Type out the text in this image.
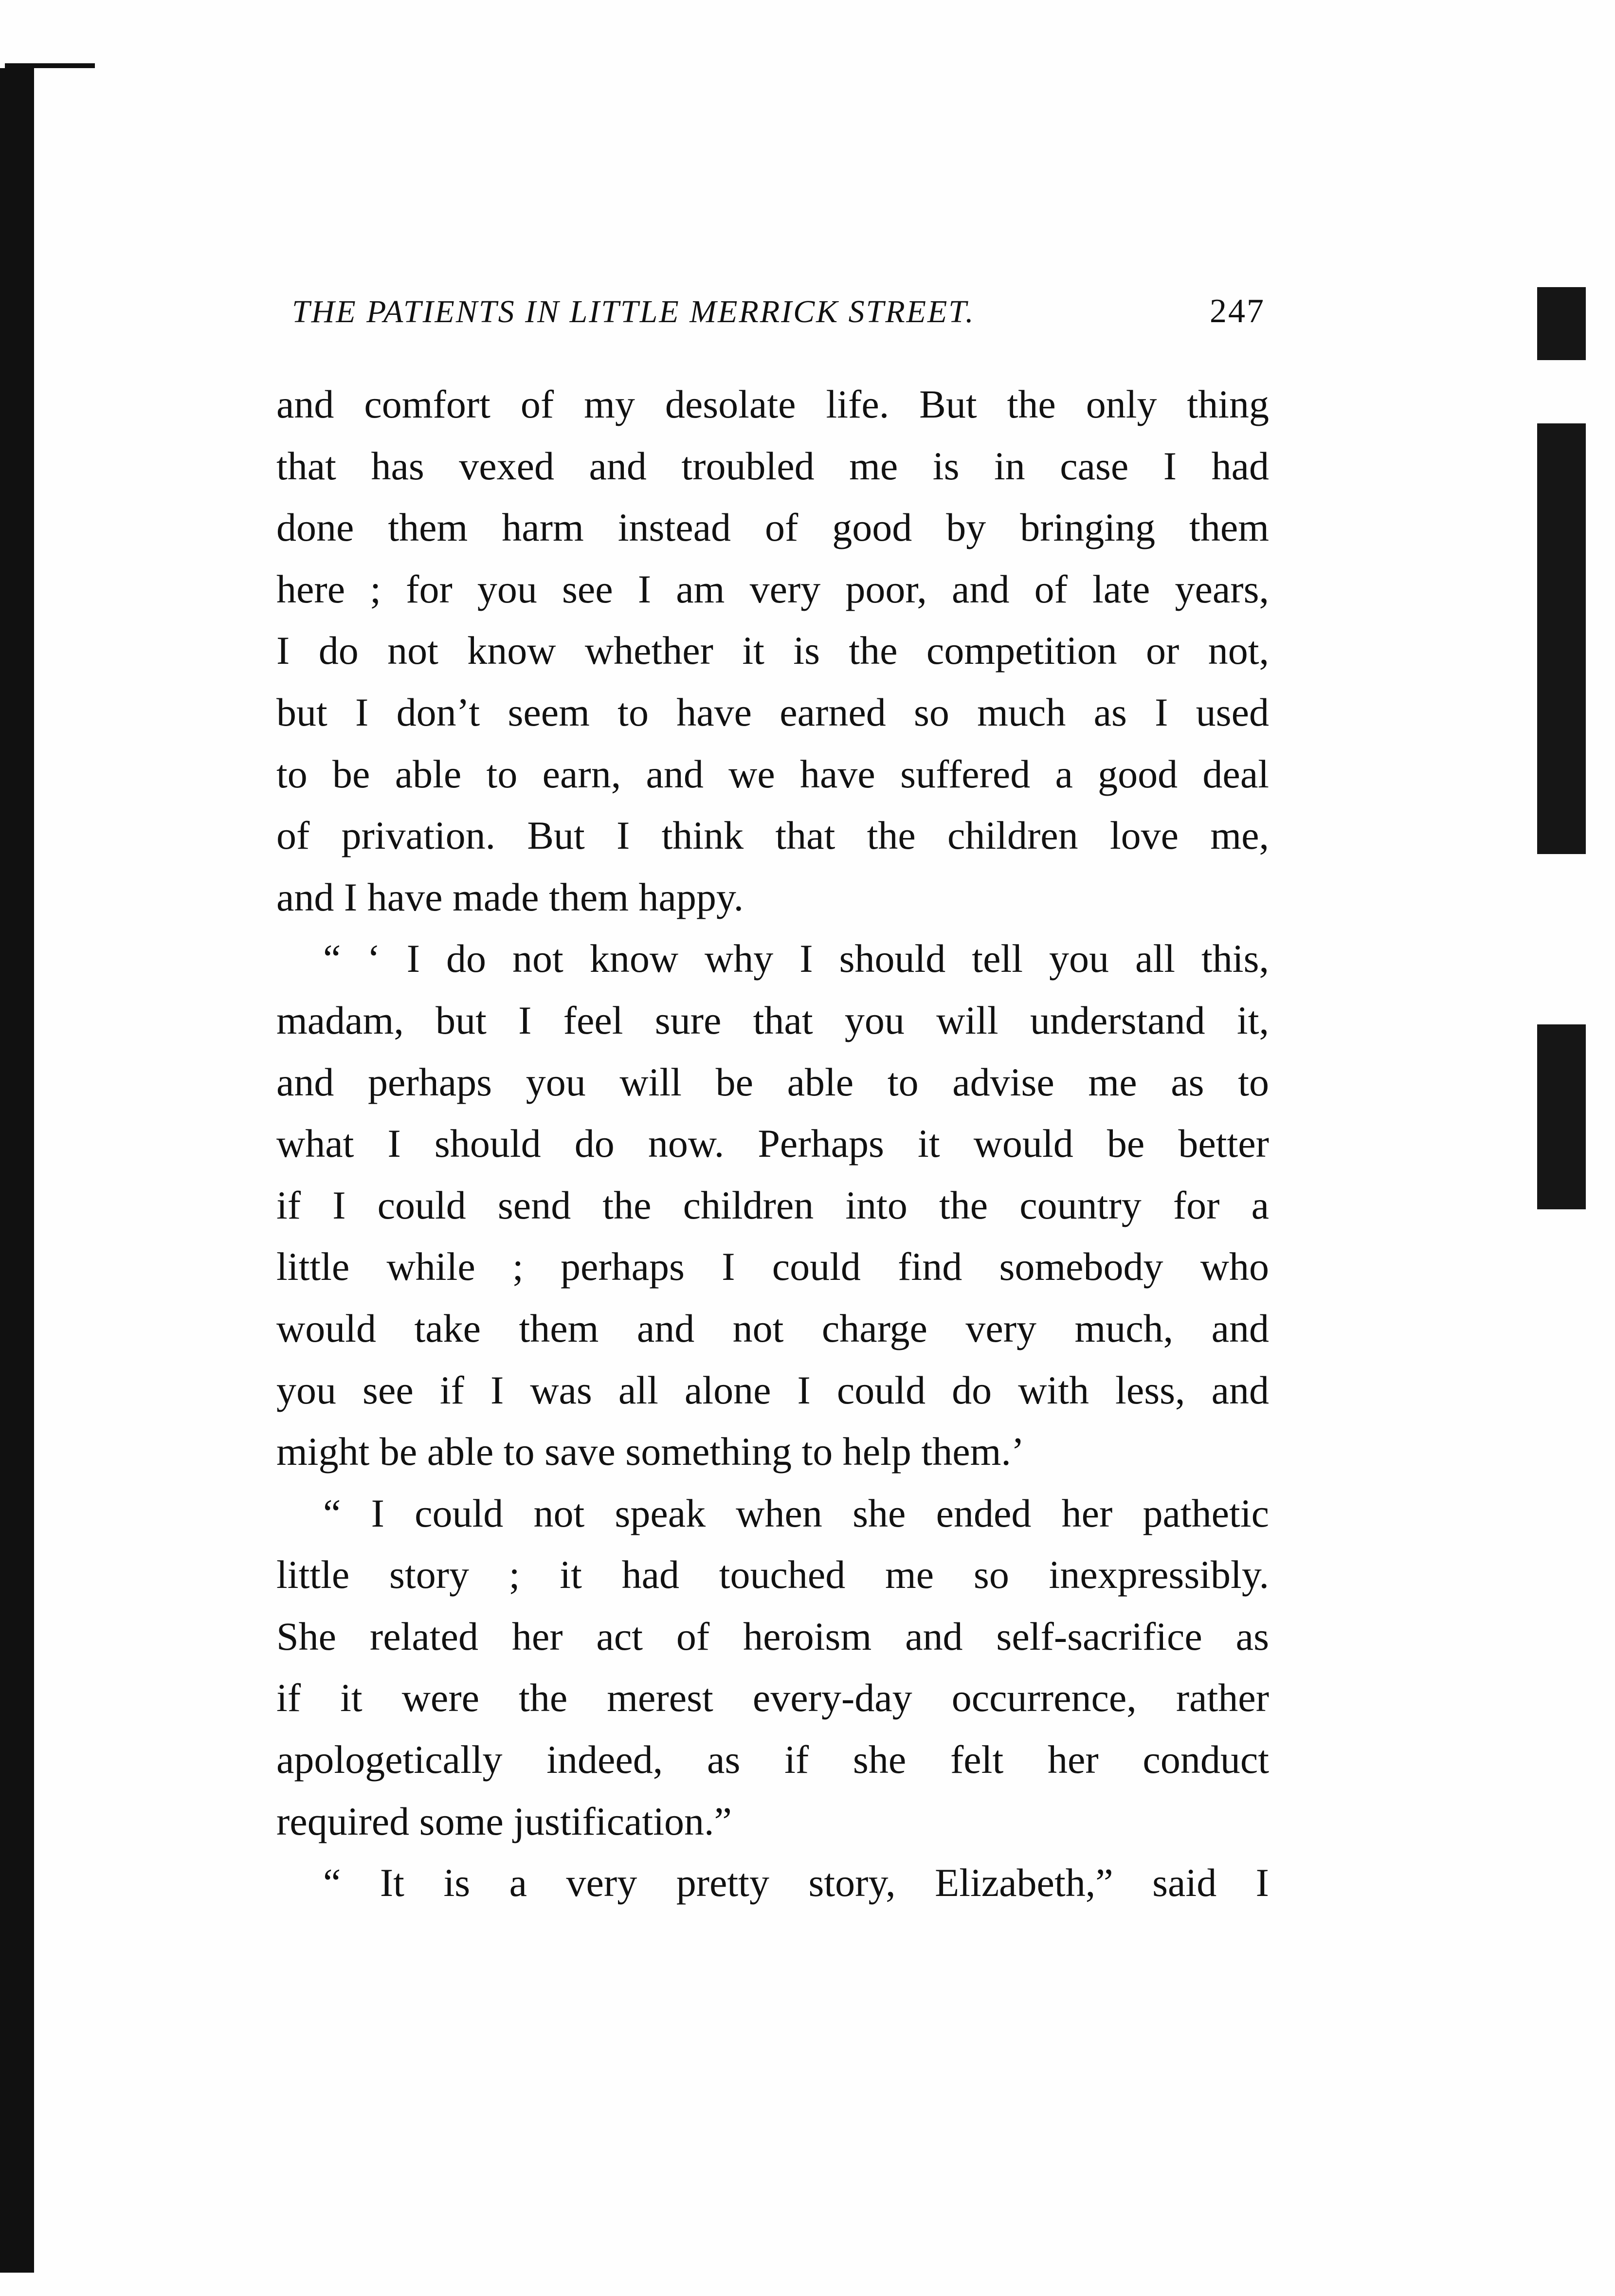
THE PATIENTS IN LITTLE MERRICK STREET.	247
and comfort of my desolate life. But the only thing
that has vexed and troubled me is in case I had
done them harm instead of good by bringing them
here ; for you see I am very poor, and of late years,
I do not know whether it is the competition or not,
but I don’t seem to have earned so much as I used
to be able to earn, and we have suffered a good deal
of privation. But I think that the children love me,
and I have made them happy.
“ ‘ I do not know why I should tell you all this,
madam, but I feel sure that you will understand it,
and perhaps you will be able to advise me as to
what I should do now. Perhaps it would be better
if I could send the children into the country for a
little while ; perhaps I could find somebody who
would take them and not charge very much, and
you see if I was all alone I could do with less, and
might be able to save something to help them.’
“ I could not speak when she ended her pathetic
little story ; it had touched me so inexpressibly.
She related her act of heroism and self-sacrifice as
if it were the merest every-day occurrence, rather
apologetically indeed, as if she felt her conduct
required some justification.”
“ It is a very pretty story, Elizabeth,” said I
